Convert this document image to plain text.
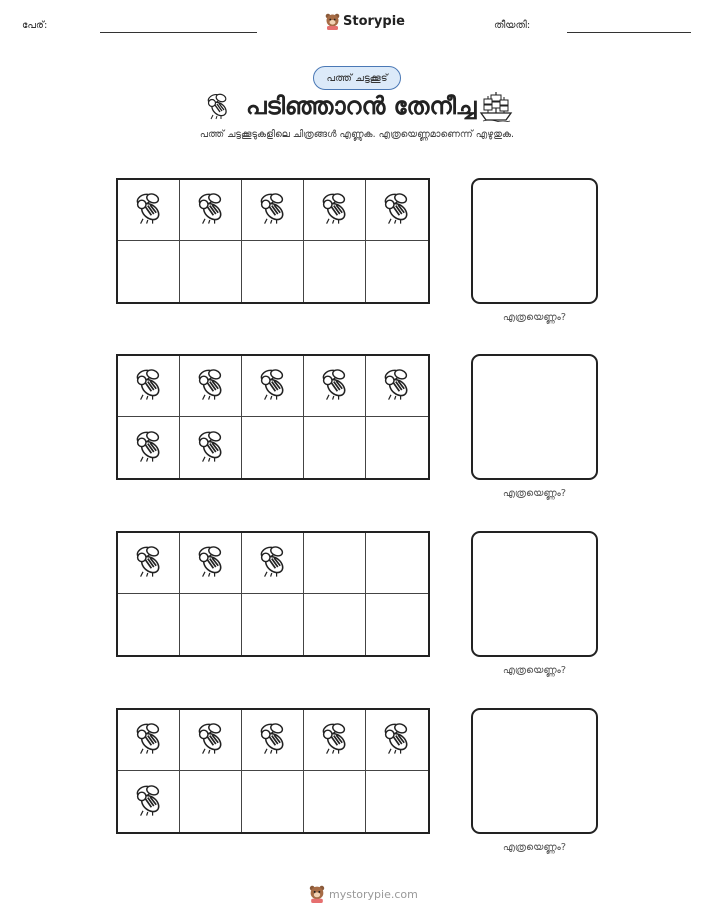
പേര്:	Storypie	തീയതി:
പത്ത് ചട്ടക്കൂട്
പടിഞ്ഞാറൻ തേനീച്ച
പത്ത് ചട്ടക്കൂടുകളിലെ ചിത്രങ്ങൾ എണ്ണുക. എത്രയെണ്ണമാണെന്ന് എഴുതുക.
എത്രയെണ്ണം?
എത്രയെണ്ണം?
എത്രയെണ്ണം?
എത്രയെണ്ണം?
mystorypie.com
